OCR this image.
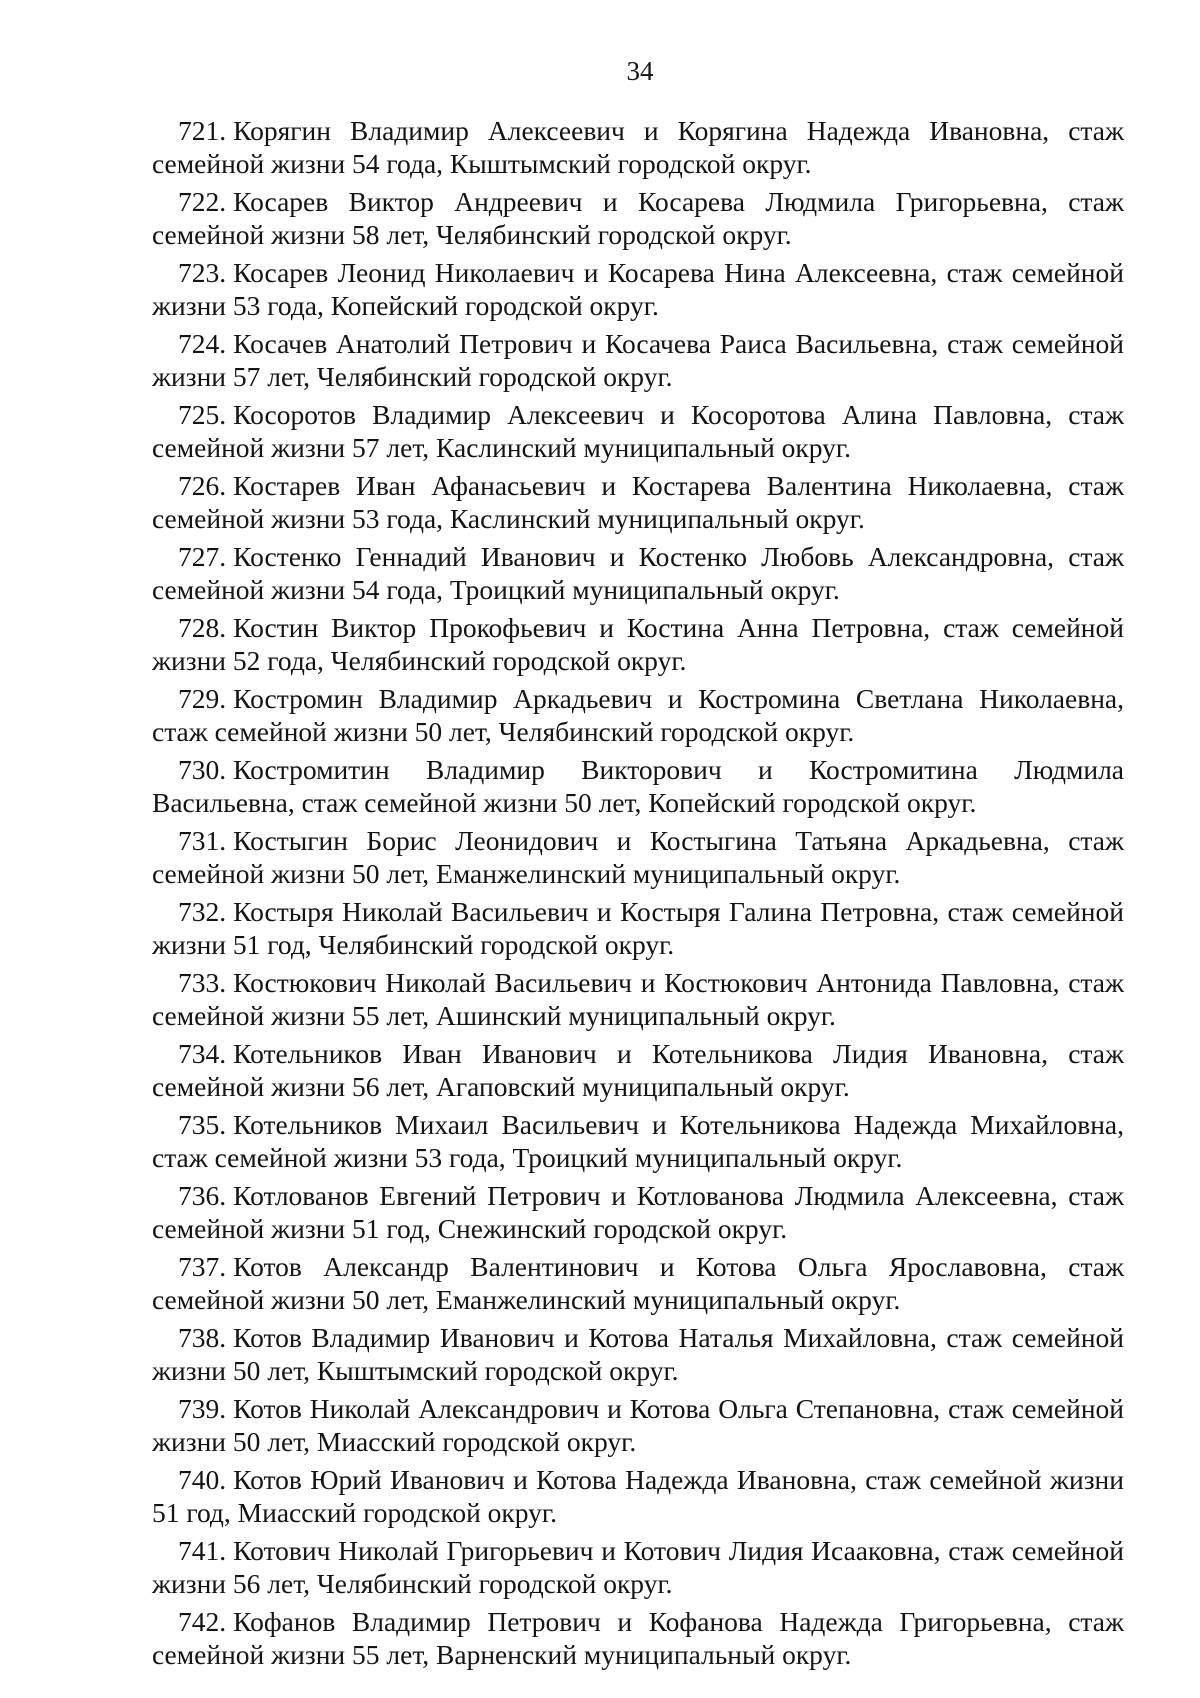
34
721. Корягин Владимир Алексеевич и Корягина Надежда Ивановна, стаж семейной жизни 54 года, Кыштымский городской округ.
722. Косарев Виктор Андреевич и Косарева Людмила Григорьевна, стаж семейной жизни 58 лет, Челябинский городской округ.
723. Косарев Леонид Николаевич и Косарева Нина Алексеевна, стаж семейной жизни 53 года, Копейский городской округ.
724. Косачев Анатолий Петрович и Косачева Раиса Васильевна, стаж семейной жизни 57 лет, Челябинский городской округ.
725. Косоротов Владимир Алексеевич и Косоротова Алина Павловна, стаж семейной жизни 57 лет, Каслинский муниципальный округ.
726. Костарев Иван Афанасьевич и Костарева Валентина Николаевна, стаж семейной жизни 53 года, Каслинский муниципальный округ.
727. Костенко Геннадий Иванович и Костенко Любовь Александровна, стаж семейной жизни 54 года, Троицкий муниципальный округ.
728. Костин Виктор Прокофьевич и Костина Анна Петровна, стаж семейной жизни 52 года, Челябинский городской округ.
729. Костромин Владимир Аркадьевич и Костромина Светлана Николаевна, стаж семейной жизни 50 лет, Челябинский городской округ.
730. Костромитин Владимир Викторович и Костромитина Людмила Васильевна, стаж семейной жизни 50 лет, Копейский городской округ.
731. Костыгин Борис Леонидович и Костыгина Татьяна Аркадьевна, стаж семейной жизни 50 лет, Еманжелинский муниципальный округ.
732. Костыря Николай Васильевич и Костыря Галина Петровна, стаж семейной жизни 51 год, Челябинский городской округ.
733. Костюкович Николай Васильевич и Костюкович Антонида Павловна, стаж семейной жизни 55 лет, Ашинский муниципальный округ.
734. Котельников Иван Иванович и Котельникова Лидия Ивановна, стаж семейной жизни 56 лет, Агаповский муниципальный округ.
735. Котельников Михаил Васильевич и Котельникова Надежда Михайловна, стаж семейной жизни 53 года, Троицкий муниципальный округ.
736. Котлованов Евгений Петрович и Котлованова Людмила Алексеевна, стаж семейной жизни 51 год, Снежинский городской округ.
737. Котов Александр Валентинович и Котова Ольга Ярославовна, стаж семейной жизни 50 лет, Еманжелинский муниципальный округ.
738. Котов Владимир Иванович и Котова Наталья Михайловна, стаж семейной жизни 50 лет, Кыштымский городской округ.
739. Котов Николай Александрович и Котова Ольга Степановна, стаж семейной жизни 50 лет, Миасский городской округ.
740. Котов Юрий Иванович и Котова Надежда Ивановна, стаж семейной жизни 51 год, Миасский городской округ.
741. Котович Николай Григорьевич и Котович Лидия Исааковна, стаж семейной жизни 56 лет, Челябинский городской округ.
742. Кофанов Владимир Петрович и Кофанова Надежда Григорьевна, стаж семейной жизни 55 лет, Варненский муниципальный округ.
